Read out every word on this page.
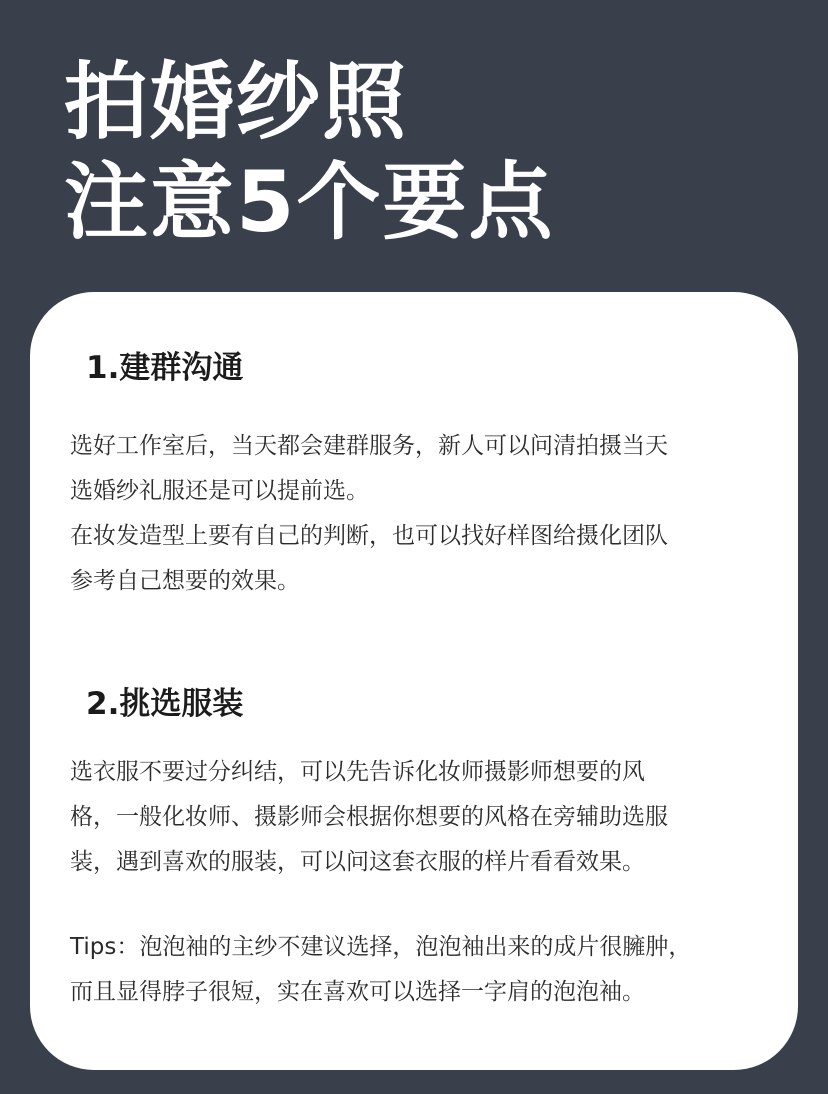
拍婚纱照
注意5个要点
1.建群沟通

选好工作室后，当天都会建群服务，新人可以问清拍摄当天
选婚纱礼服还是可以提前选。

在妆发造型上要有自己的判断，也可以找好样图给摄化团队
参考自己想要的效果。

2.挑选服装

选衣服不要过分纠结，可以先告诉化妆师摄影师想要的风
格，一般化妆师、摄影师会根据你想要的风格在旁辅助选服
装，遇到喜欢的服装，可以问这套衣服的样片看看效果。

Tips：泡泡袖的主纱不建议选择，泡泡袖出来的成片很臃肿，
而且显得脖子很短，实在喜欢可以选择一字肩的泡泡袖。
